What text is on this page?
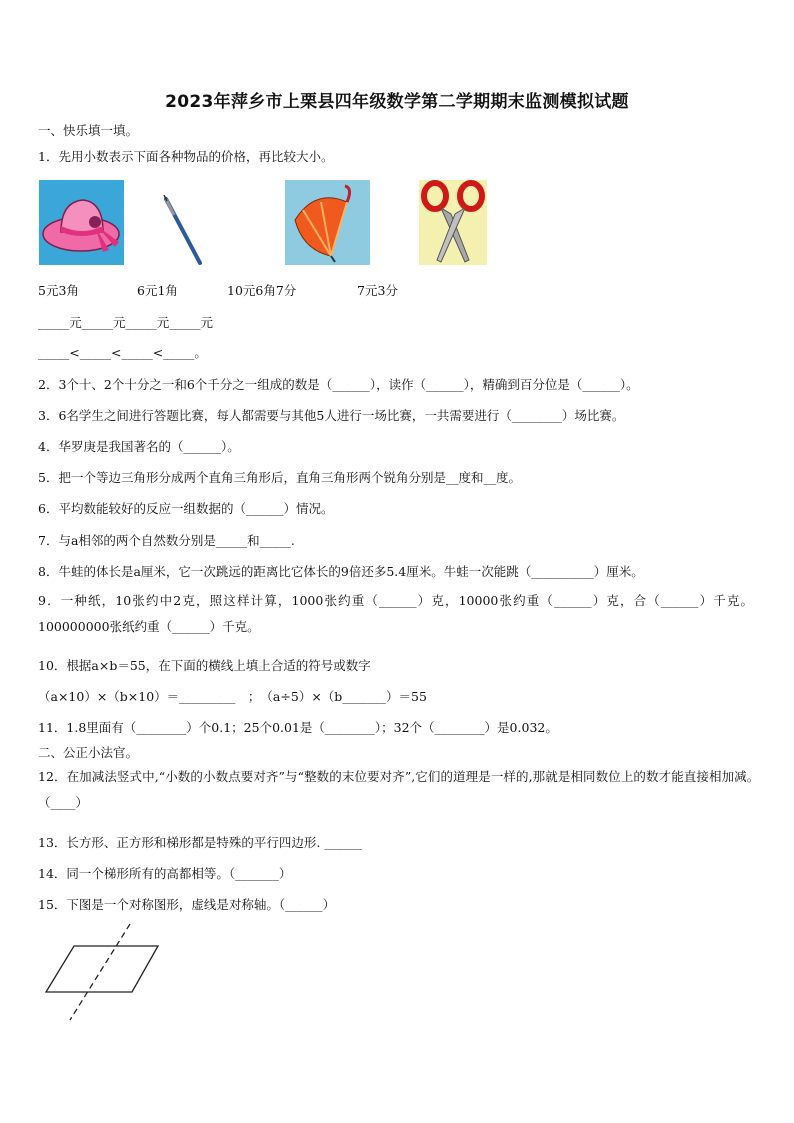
2023年萍乡市上栗县四年级数学第二学期期末监测模拟试题
一、快乐填一填。
1．先用小数表示下面各种物品的价格，再比较大小。
5元3角	6元1角	10元6角7分	7元3分
_____元_____元_____元_____元
_____<_____<_____<_____。
2．3个十、2个十分之一和6个千分之一组成的数是（______），读作（______），精确到百分位是（______）。
3．6名学生之间进行答题比赛，每人都需要与其他5人进行一场比赛，一共需要进行（________）场比赛。
4．华罗庚是我国著名的（______）。
5．把一个等边三角形分成两个直角三角形后，直角三角形两个锐角分别是__度和__度。
6．平均数能较好的反应一组数据的（______）情况。
7．与a相邻的两个自然数分别是_____和_____.
8．牛蛙的体长是a厘米，它一次跳远的距离比它体长的9倍还多5.4厘米。牛蛙一次能跳（__________）厘米。
9．一种纸，10张约中2克，照这样计算，1000张约重（______）克，10000张约重（______）克，合（______）千克。100000000张纸约重（______）千克。
10．根据a×b＝55，在下面的横线上填上合适的符号或数字
（a×10）×（b×10）＝_________　；　（a÷5）×（b_______）＝55
11．1.8里面有（________）个0.1；25个0.01是（________）；32个（________）是0.032。
二、公正小法官。
12．在加减法竖式中,“小数的小数点要对齐”与“整数的末位要对齐”,它们的道理是一样的,那就是相同数位上的数才能直接相加减。　　（____）
13．长方形、正方形和梯形都是特殊的平行四边形. ______
14．同一个梯形所有的高都相等。（_______）
15．下图是一个对称图形，虚线是对称轴。（______）
